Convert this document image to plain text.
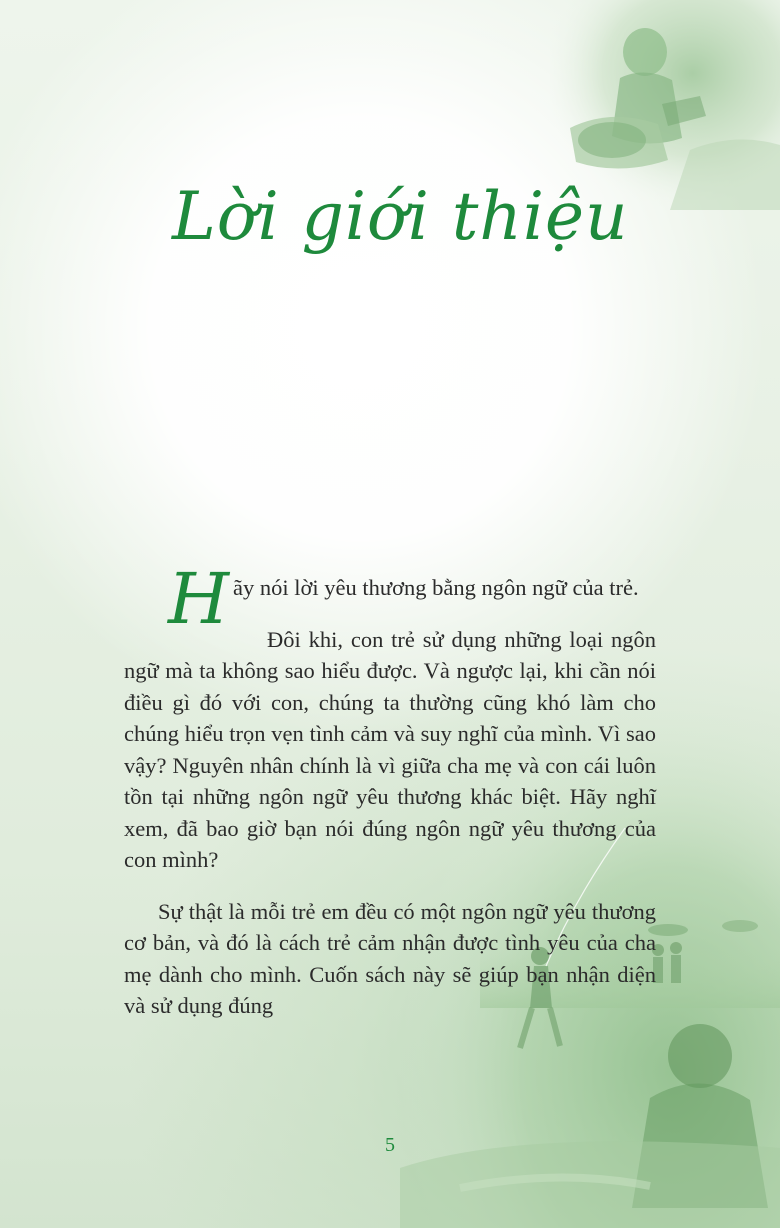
Lời giới thiệu

Hãy nói lời yêu thương bằng ngôn ngữ của trẻ.

Đôi khi, con trẻ sử dụng những loại ngôn ngữ mà ta không sao hiểu được. Và ngược lại, khi cần nói điều gì đó với con, chúng ta thường cũng khó làm cho chúng hiểu trọn vẹn tình cảm và suy nghĩ của mình. Vì sao vậy? Nguyên nhân chính là vì giữa cha mẹ và con cái luôn tồn tại những ngôn ngữ yêu thương khác biệt. Hãy nghĩ xem, đã bao giờ bạn nói đúng ngôn ngữ yêu thương của con mình?

Sự thật là mỗi trẻ em đều có một ngôn ngữ yêu thương cơ bản, và đó là cách trẻ cảm nhận được tình yêu của cha mẹ dành cho mình. Cuốn sách này sẽ giúp bạn nhận diện và sử dụng đúng

5
